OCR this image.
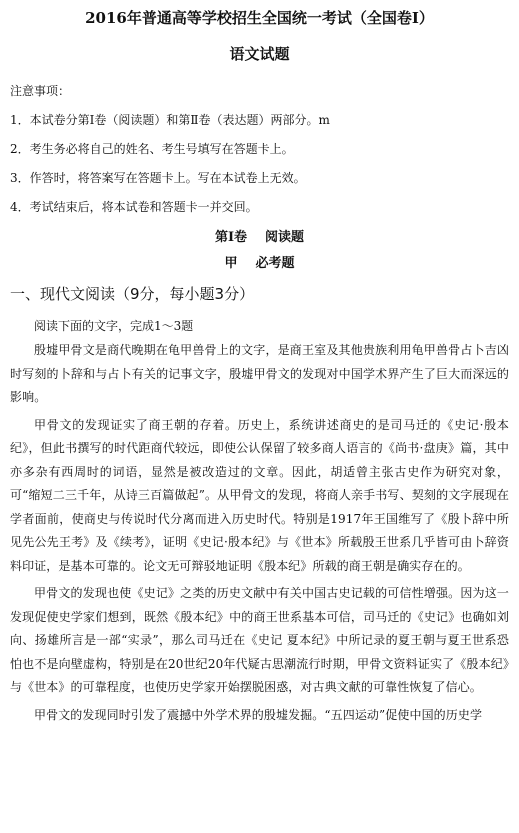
2016年普通高等学校招生全国统一考试（全国卷Ⅰ）
语文试题
注意事项：
1．本试卷分第Ⅰ卷（阅读题）和第Ⅱ卷（表达题）两部分。m
2．考生务必将自己的姓名、考生号填写在答题卡上。
3．作答时，将答案写在答题卡上。写在本试卷上无效。
4．考试结束后，将本试卷和答题卡一并交回。
第Ⅰ卷 阅读题
甲 必考题
一、现代文阅读（9分，每小题3分）
阅读下面的文字，完成1～3题
殷墟甲骨文是商代晚期在龟甲兽骨上的文字，是商王室及其他贵族利用龟甲兽骨占卜吉凶时写刻的卜辞和与占卜有关的记事文字，殷墟甲骨文的发现对中国学术界产生了巨大而深远的影响。
甲骨文的发现证实了商王朝的存着。历史上，系统讲述商史的是司马迁的《史记·殷本纪》，但此书撰写的时代距商代较远，即使公认保留了较多商人语言的《尚书·盘庚》篇，其中亦多杂有西周时的词语，显然是被改造过的文章。因此，胡适曾主张古史作为研究对象，可“缩短二三千年，从诗三百篇做起”。从甲骨文的发现，将商人亲手书写、契刻的文字展现在学者面前，使商史与传说时代分离而进入历史时代。特别是1917年王国维写了《殷卜辞中所见先公先王考》及《续考》，证明《史记·殷本纪》与《世本》所载殷王世系几乎皆可由卜辞资料印证，是基本可靠的。论文无可辩驳地证明《殷本纪》所载的商王朝是确实存在的。
甲骨文的发现也使《史记》之类的历史文献中有关中国古史记载的可信性增强。因为这一发现促使史学家们想到，既然《殷本纪》中的商王世系基本可信，司马迁的《史记》也确如刘向、扬雄所言是一部“实录”，那么司马迁在《史记 夏本纪》中所记录的夏王朝与夏王世系恐怕也不是向壁虚构，特别是在20世纪20年代疑古思潮流行时期，甲骨文资料证实了《殷本纪》与《世本》的可靠程度，也使历史学家开始摆脱困惑，对古典文献的可靠性恢复了信心。
甲骨文的发现同时引发了震撼中外学术界的殷墟发掘。“五四运动”促使中国的历史学
